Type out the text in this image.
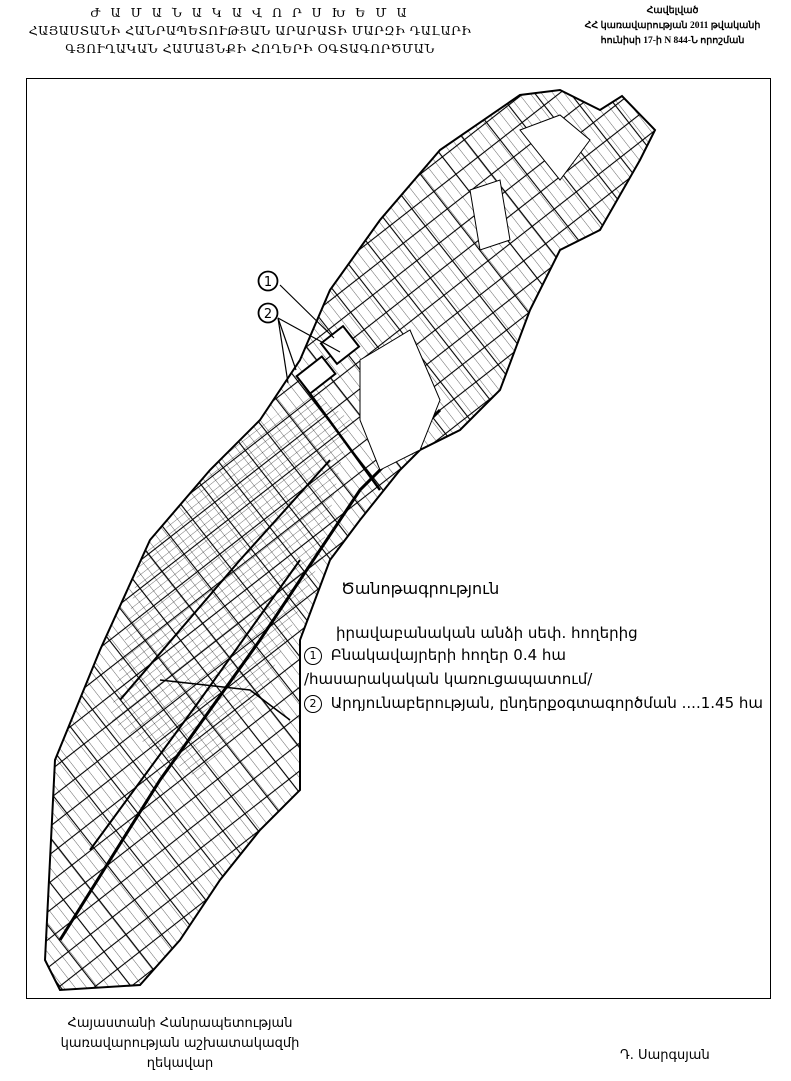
Ժ Ա Մ Ա Ն Ա Կ Ա Վ Ո Ր Ս Խ Ե Մ Ա
ՀԱՅԱՍՏԱՆԻ ՀԱՆՐԱՊԵՏՈՒԹՅԱՆ ԱՐԱՐԱՏԻ ՄԱՐԶԻ ԴԱԼԱՐԻ
ԳՅՈՒՂԱԿԱՆ ՀԱՄԱՅՆՔԻ ՀՈՂԵՐԻ ՕԳՏԱԳՈՐԾՄԱՆ
Հավելված
ՀՀ կառավարության 2011 թվականի
հունիսի 17-ի N 844-Ն որոշման
1
2
Ծանոթագրություն
իրավաբանական անձի սեփ. հողերից
1 Բնակավայրերի հողեր 0.4 հա
/հասարակական կառուցապատում/
2 Արդյունաբերության, ընդերքօգտագործման ....1.45 հա
Հայաստանի Հանրապետության
կառավարության աշխատակազմի
ղեկավար
Դ. Սարգսյան
